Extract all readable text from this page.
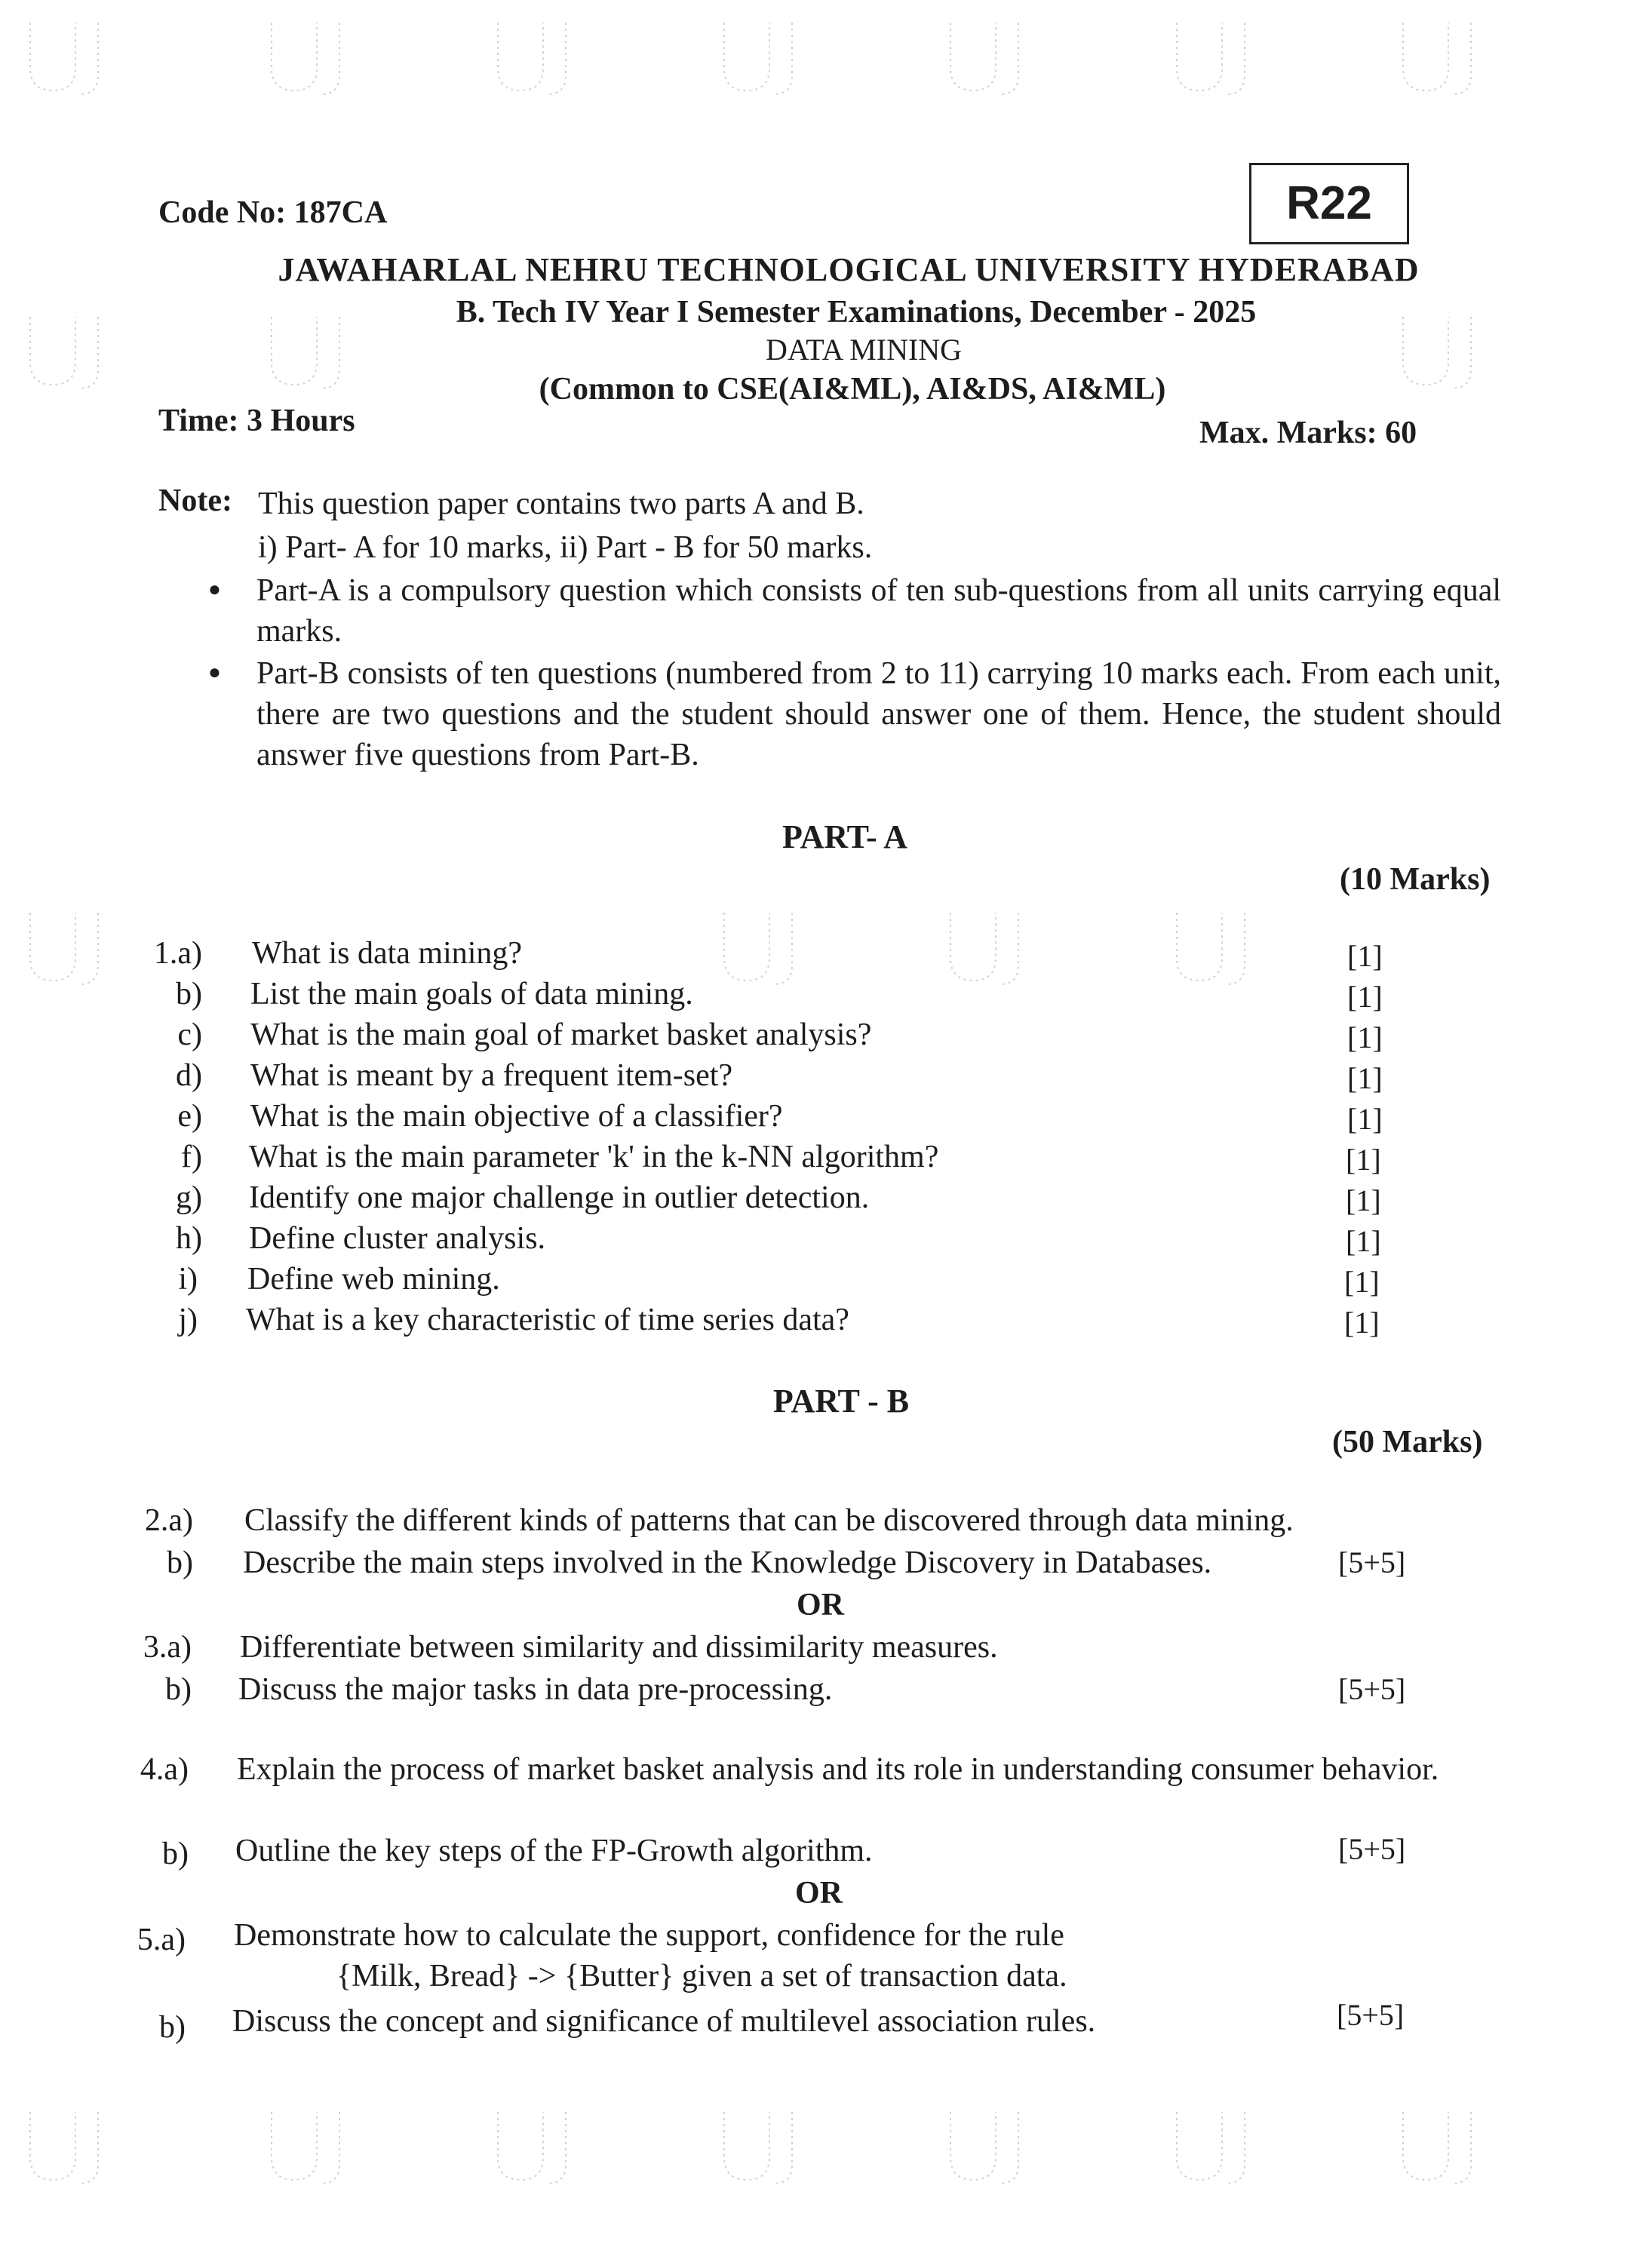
Code No: 187CA	R22
JAWAHARLAL NEHRU TECHNOLOGICAL UNIVERSITY HYDERABAD
B. Tech IV Year I Semester Examinations, December - 2025
DATA MINING
(Common to CSE(AI&ML), AI&DS, AI&ML)
Time: 3 Hours	Max. Marks: 60
Note: This question paper contains two parts A and B.
i) Part- A for 10 marks, ii) Part - B for 50 marks.
● Part-A is a compulsory question which consists of ten sub-questions from all units carrying equal marks.
● Part-B consists of ten questions (numbered from 2 to 11) carrying 10 marks each. From each unit, there are two questions and the student should answer one of them. Hence, the student should answer five questions from Part-B.
PART- A
(10 Marks)
1.a) What is data mining?	[1]
b) List the main goals of data mining.	[1]
c) What is the main goal of market basket analysis?	[1]
d) What is meant by a frequent item-set?	[1]
e) What is the main objective of a classifier?	[1]
f) What is the main parameter 'k' in the k-NN algorithm?	[1]
g) Identify one major challenge in outlier detection.	[1]
h) Define cluster analysis.	[1]
i) Define web mining.	[1]
j) What is a key characteristic of time series data?	[1]
PART - B
(50 Marks)
2.a) Classify the different kinds of patterns that can be discovered through data mining.
b) Describe the main steps involved in the Knowledge Discovery in Databases.	[5+5]
OR
3.a) Differentiate between similarity and dissimilarity measures.
b) Discuss the major tasks in data pre-processing.	[5+5]
4.a) Explain the process of market basket analysis and its role in understanding consumer behavior.
b) Outline the key steps of the FP-Growth algorithm.	[5+5]
OR
5.a) Demonstrate how to calculate the support, confidence for the rule
{Milk, Bread} -> {Butter} given a set of transaction data.
b) Discuss the concept and significance of multilevel association rules.	[5+5]
